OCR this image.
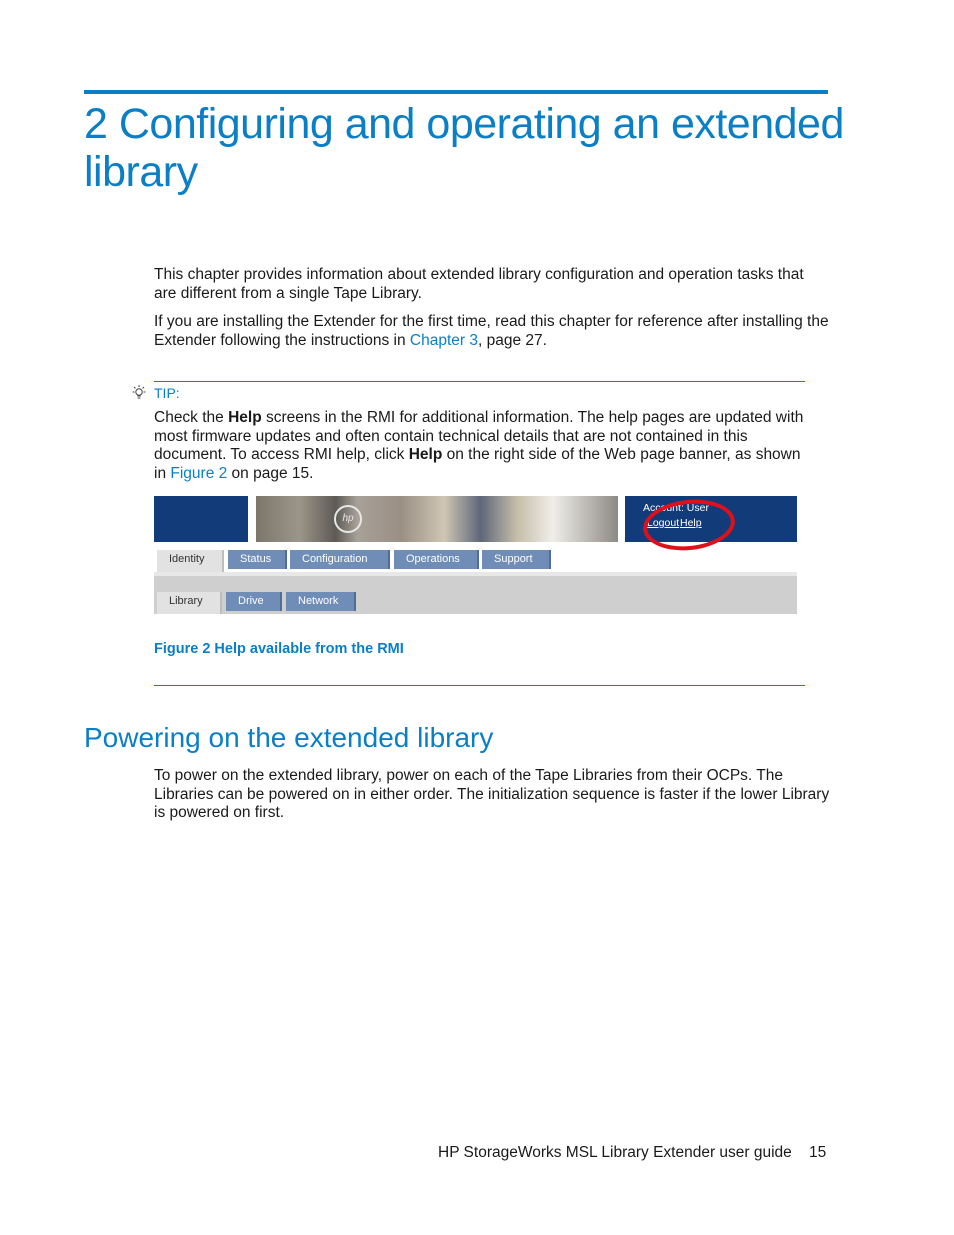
2 Configuring and operating an extended library

This chapter provides information about extended library configuration and operation tasks that are different from a single Tape Library.

If you are installing the Extender for the first time, read this chapter for reference after installing the Extender following the instructions in Chapter 3, page 27.

TIP:

Check the Help screens in the RMI for additional information. The help pages are updated with most firmware updates and often contain technical details that are not contained in this document. To access RMI help, click Help on the right side of the Web page banner, as shown in Figure 2 on page 15.

hp
Account: User
Logout Help
Identity	Status	Configuration	Operations	Support
Library	Drive	Network

Figure 2 Help available from the RMI

Powering on the extended library

To power on the extended library, power on each of the Tape Libraries from their OCPs. The Libraries can be powered on in either order. The initialization sequence is faster if the lower Library is powered on first.

HP StorageWorks MSL Library Extender user guide 15
